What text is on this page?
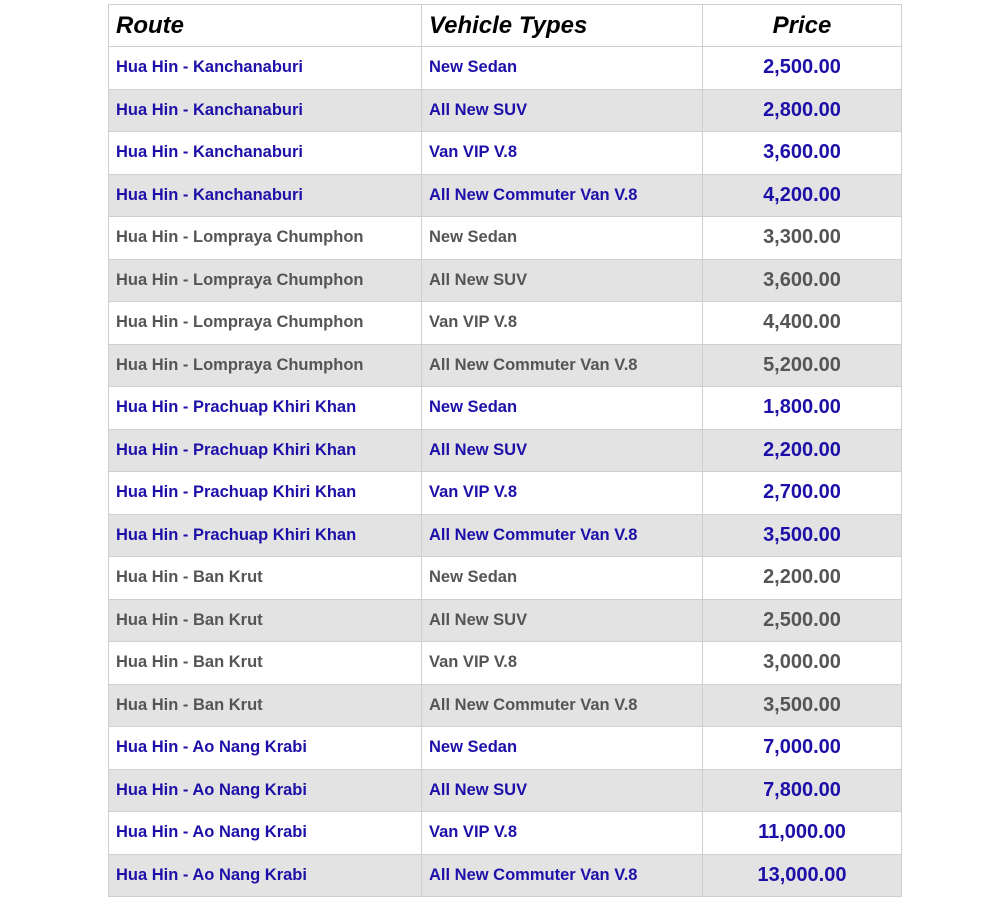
Route	Vehicle Types	Price
Hua Hin - Kanchanaburi	New Sedan	2,500.00
Hua Hin - Kanchanaburi	All New SUV	2,800.00
Hua Hin - Kanchanaburi	Van VIP V.8	3,600.00
Hua Hin - Kanchanaburi	All New Commuter Van V.8	4,200.00
Hua Hin - Lompraya Chumphon	New Sedan	3,300.00
Hua Hin - Lompraya Chumphon	All New SUV	3,600.00
Hua Hin - Lompraya Chumphon	Van VIP V.8	4,400.00
Hua Hin - Lompraya Chumphon	All New Commuter Van V.8	5,200.00
Hua Hin - Prachuap Khiri Khan	New Sedan	1,800.00
Hua Hin - Prachuap Khiri Khan	All New SUV	2,200.00
Hua Hin - Prachuap Khiri Khan	Van VIP V.8	2,700.00
Hua Hin - Prachuap Khiri Khan	All New Commuter Van V.8	3,500.00
Hua Hin - Ban Krut	New Sedan	2,200.00
Hua Hin - Ban Krut	All New SUV	2,500.00
Hua Hin - Ban Krut	Van VIP V.8	3,000.00
Hua Hin - Ban Krut	All New Commuter Van V.8	3,500.00
Hua Hin - Ao Nang Krabi	New Sedan	7,000.00
Hua Hin - Ao Nang Krabi	All New SUV	7,800.00
Hua Hin - Ao Nang Krabi	Van VIP V.8	11,000.00
Hua Hin - Ao Nang Krabi	All New Commuter Van V.8	13,000.00
